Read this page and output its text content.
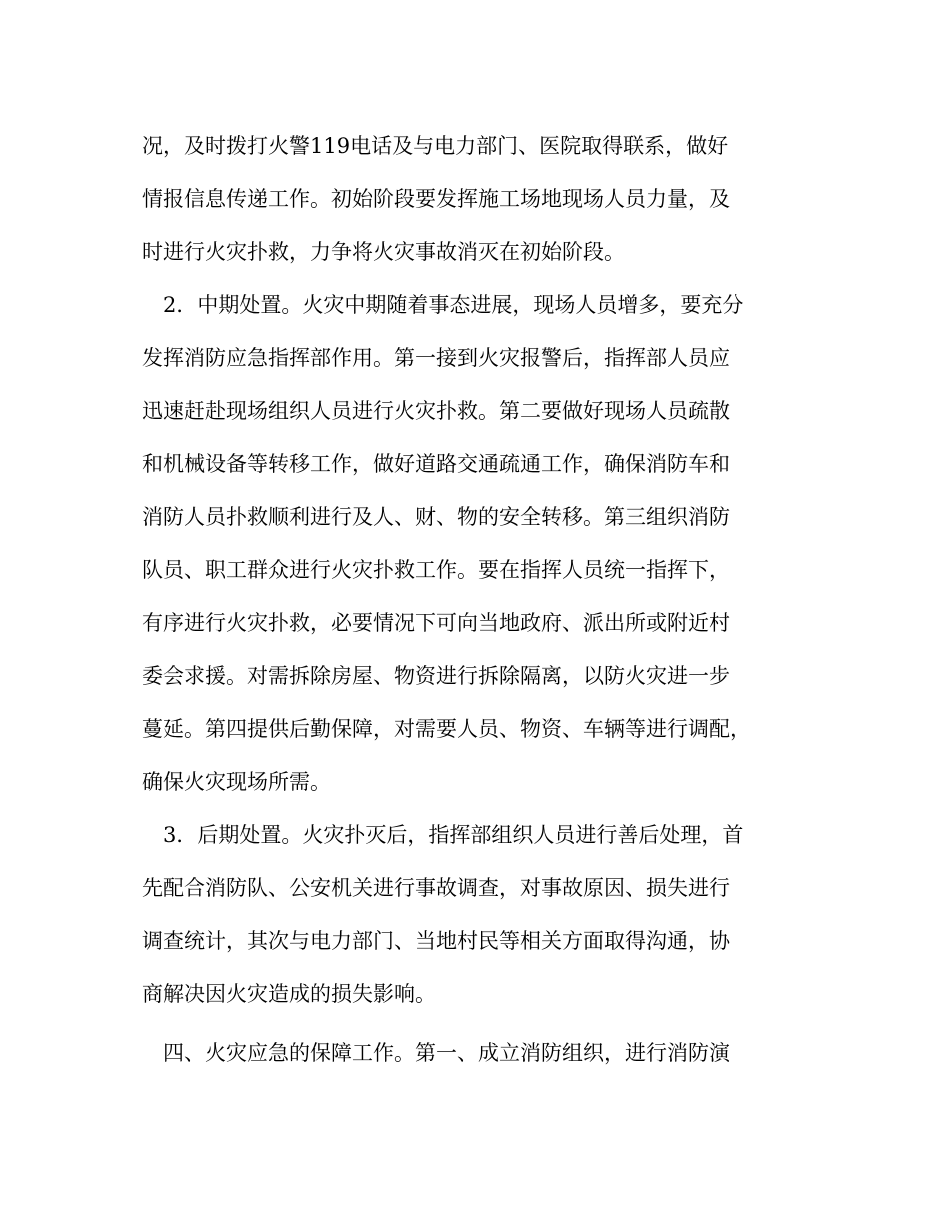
况，及时拨打火警119电话及与电力部门、医院取得联系，做好
情报信息传递工作。初始阶段要发挥施工场地现场人员力量，及
时进行火灾扑救，力争将火灾事故消灭在初始阶段。
　2．中期处置。火灾中期随着事态进展，现场人员增多，要充分
发挥消防应急指挥部作用。第一接到火灾报警后，指挥部人员应
迅速赶赴现场组织人员进行火灾扑救。第二要做好现场人员疏散
和机械设备等转移工作，做好道路交通疏通工作，确保消防车和
消防人员扑救顺利进行及人、财、物的安全转移。第三组织消防
队员、职工群众进行火灾扑救工作。要在指挥人员统一指挥下，
有序进行火灾扑救，必要情况下可向当地政府、派出所或附近村
委会求援。对需拆除房屋、物资进行拆除隔离，以防火灾进一步
蔓延。第四提供后勤保障，对需要人员、物资、车辆等进行调配，
确保火灾现场所需。
　3．后期处置。火灾扑灭后，指挥部组织人员进行善后处理，首
先配合消防队、公安机关进行事故调查，对事故原因、损失进行
调查统计，其次与电力部门、当地村民等相关方面取得沟通，协
商解决因火灾造成的损失影响。
　四、火灾应急的保障工作。第一、成立消防组织，进行消防演
